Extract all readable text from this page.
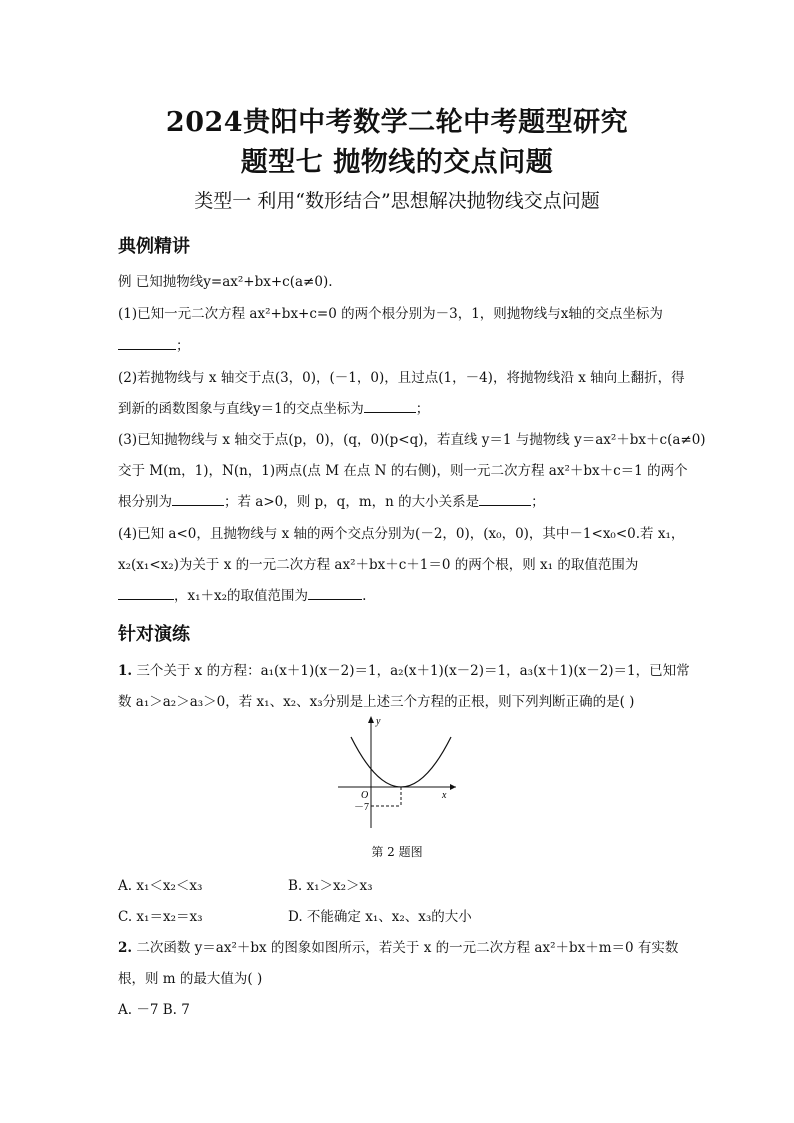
2024贵阳中考数学二轮中考题型研究
题型七 抛物线的交点问题
类型一 利用“数形结合”思想解决抛物线交点问题
典例精讲
例 已知抛物线y=ax²+bx+c(a≠0).
(1)已知一元二次方程 ax²+bx+c=0 的两个根分别为－3，1，则抛物线与x轴的交点坐标为
；
(2)若抛物线与 x 轴交于点(3，0)，(－1，0)，且过点(1，－4)，将抛物线沿 x 轴向上翻折，得
到新的函数图象与直线y＝1的交点坐标为	；
(3)已知抛物线与 x 轴交于点(p，0)，(q，0)(p<q)，若直线 y＝1 与抛物线 y＝ax²＋bx＋c(a≠0)
交于 M(m，1)，N(n，1)两点(点 M 在点 N 的右侧)，则一元二次方程 ax²＋bx＋c＝1 的两个
根分别为	；若 a>0，则 p，q，m，n 的大小关系是	；
(4)已知 a<0，且抛物线与 x 轴的两个交点分别为(－2，0)，(x₀，0)，其中－1<x₀<0.若 x₁，
x₂(x₁<x₂)为关于 x 的一元二次方程 ax²＋bx＋c＋1＝0 的两个根，则 x₁ 的取值范围为
，x₁＋x₂的取值范围为	.
针对演练
1. 三个关于 x 的方程：a₁(x＋1)(x－2)＝1，a₂(x＋1)(x－2)＝1，a₃(x＋1)(x－2)＝1，已知常
数 a₁＞a₂＞a₃＞0，若 x₁、x₂、x₃分别是上述三个方程的正根，则下列判断正确的是( )
y
x
O
－7
第 2 题图
A. x₁＜x₂＜x₃	B. x₁＞x₂＞x₃
C. x₁＝x₂＝x₃	D. 不能确定 x₁、x₂、x₃的大小
2. 二次函数 y＝ax²＋bx 的图象如图所示，若关于 x 的一元二次方程 ax²＋bx＋m＝0 有实数
根，则 m 的最大值为( )
A. －7 B. 7
